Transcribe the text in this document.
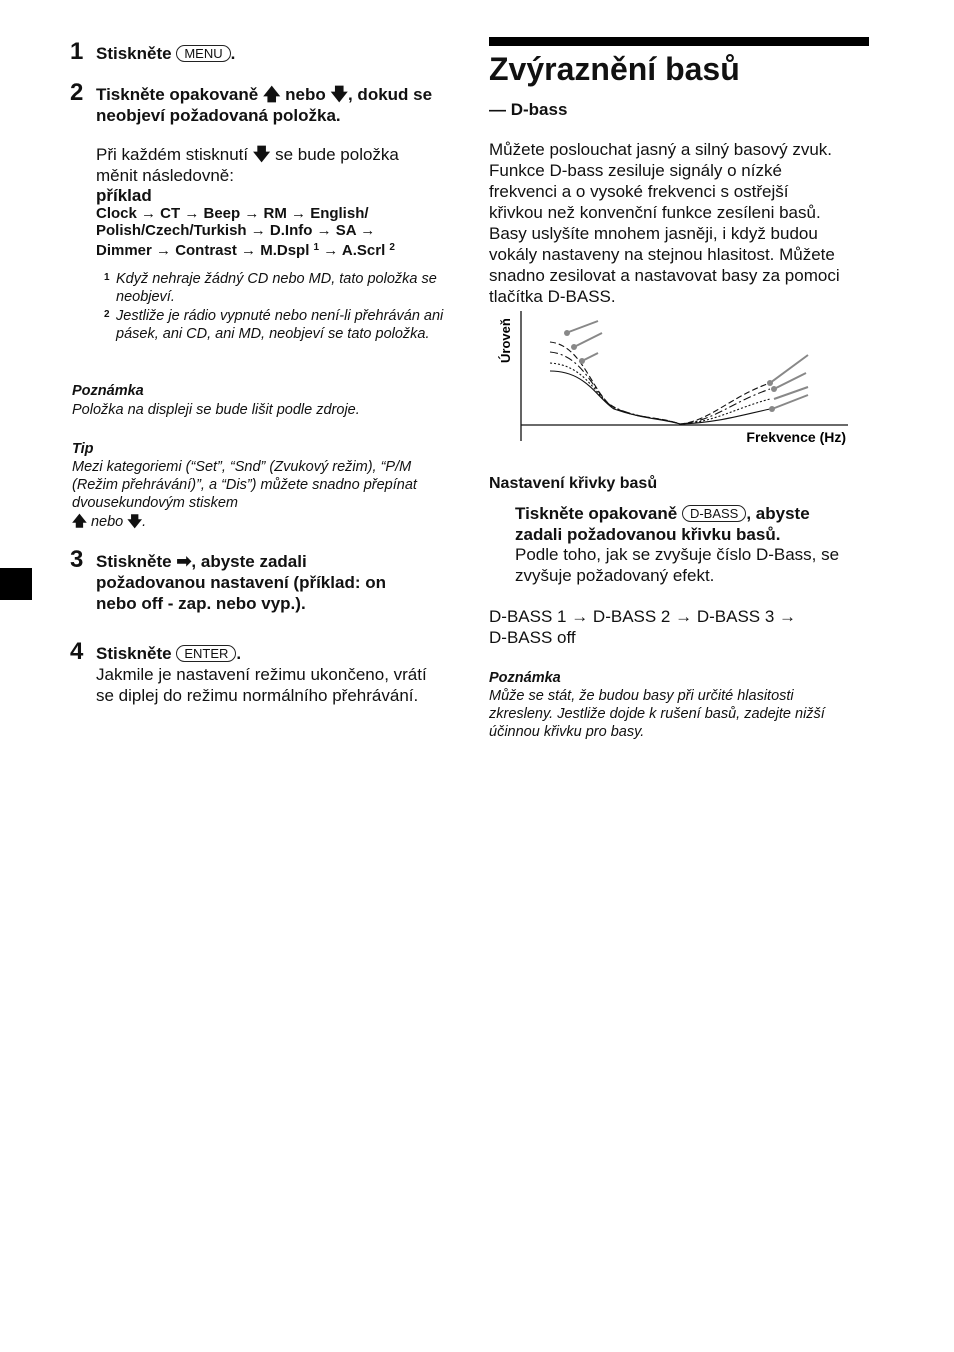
1 Stiskněte MENU .
2 Tiskněte opakovaně 🡅 nebo 🡇, dokud se
neobjeví požadovaná položka.
Při každém stisknutí 🡇 se bude položka
měnit následovně:
příklad
Clock → CT → Beep → RM → English/
Polish/Czech/Turkish → D.Info → SA →
Dimmer → Contrast → M.Dspl $^1$ → A.Scrl $^2$
1 Když nehraje žádný CD nebo MD, tato položka se neobjeví.
2 Jestliže je rádio vypnuté nebo není-li přehráván ani pásek, ani CD, ani MD, neobjeví se tato položka.
Poznámka
Položka na displeji se bude lišit podle zdroje.
Tip
Mezi kategoriemi (“Set”, “Snd” (Zvukový režim), “P/M
(Režim přehrávání)”, a “Dis”) můžete snadno přepínat
dvousekundovým stiskem
🡅 nebo 🡇.
3 Stiskněte ➡, abyste zadali
požadovanou nastavení (příklad: on
nebo off - zap. nebo vyp.).
4 Stiskněte ENTER .
Jakmile je nastavení režimu ukončeno, vrátí
se diplej do režimu normálního přehrávání.
Zvýraznění basů
— D-bass
Můžete poslouchat jasný a silný basový zvuk.
Funkce D-bass zesiluje signály o nízké
frekvenci a o vysoké frekvenci s ostřejší
křivkou než konvenční funkce zesíleni basů.
Basy uslyšíte mnohem jasněji, i když budou
vokály nastaveny na stejnou hlasitost. Můžete
snadno zesilovat a nastavovat basy za pomoci
tlačítka D-BASS.
Úroveň
Frekvence (Hz)
Nastavení křivky basů
Tiskněte opakovaně D-BASS , abyste
zadali požadovanou křivku basů.
Podle toho, jak se zvyšuje číslo D-Bass, se
zvyšuje požadovaný efekt.
D-BASS 1 → D-BASS 2 → D-BASS 3 →
D-BASS off
Poznámka
Může se stát, že budou basy při určité hlasitosti
zkresleny. Jestliže dojde k rušení basů, zadejte nižší
účinnou křivku pro basy.
